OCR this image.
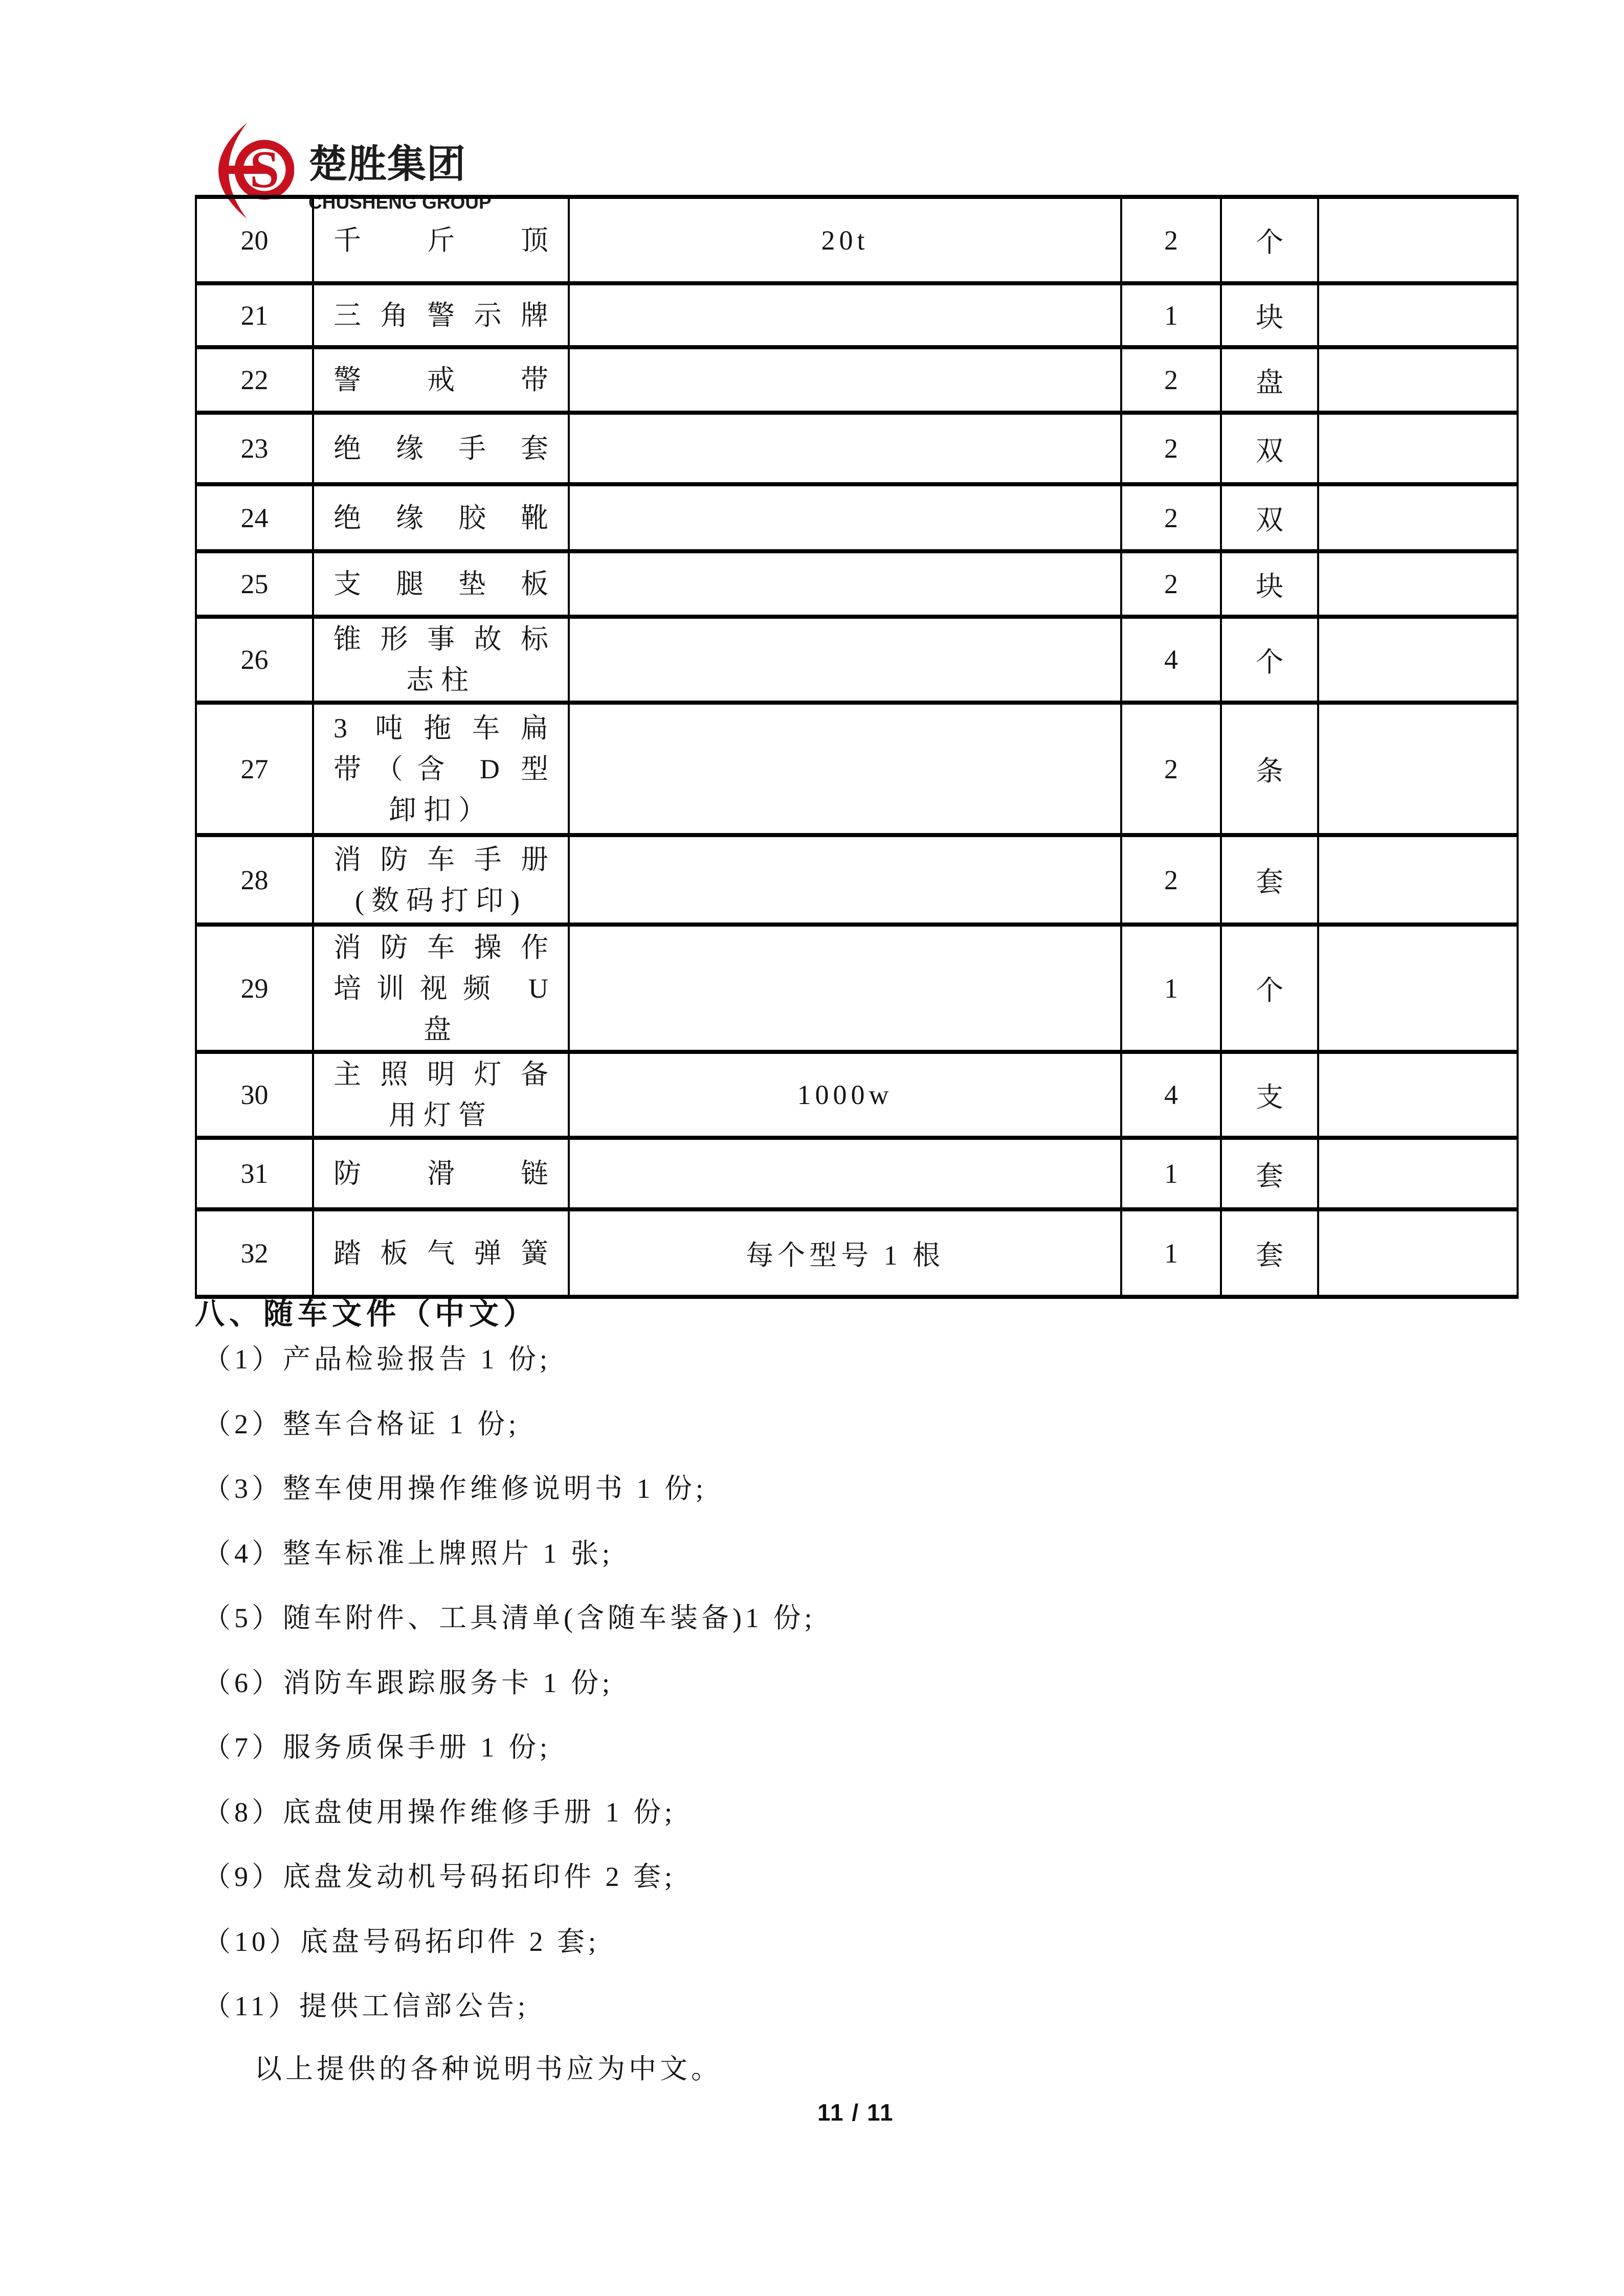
S 楚胜集团
CHUSHENG GROUP
20	千斤顶	20t	2	个	
21	三角警示牌		1	块	
22	警戒带		2	盘	
23	绝缘手套		2	双	
24	绝缘胶靴		2	双	
25	支腿垫板		2	块	
26	锥形事故标
志柱		4	个	
27	3 吨拖车扁
带（含 D 型
卸扣）		2	条	
28	消防车手册
(数码打印)		2	套	
29	消防车操作
培训视频 U
盘		1	个	
30	主照明灯备
用灯管	1000w	4	支	
31	防滑链		1	套	
32	踏板气弹簧	每个型号 1 根	1	套	
八、随车文件（中文）
（1）产品检验报告 1 份;
（2）整车合格证 1 份;
（3）整车使用操作维修说明书 1 份;
（4）整车标准上牌照片 1 张;
（5）随车附件、工具清单(含随车装备)1 份;
（6）消防车跟踪服务卡 1 份;
（7）服务质保手册 1 份;
（8）底盘使用操作维修手册 1 份;
（9）底盘发动机号码拓印件 2 套;
（10）底盘号码拓印件 2 套;
（11）提供工信部公告;
以上提供的各种说明书应为中文。
11 / 11
